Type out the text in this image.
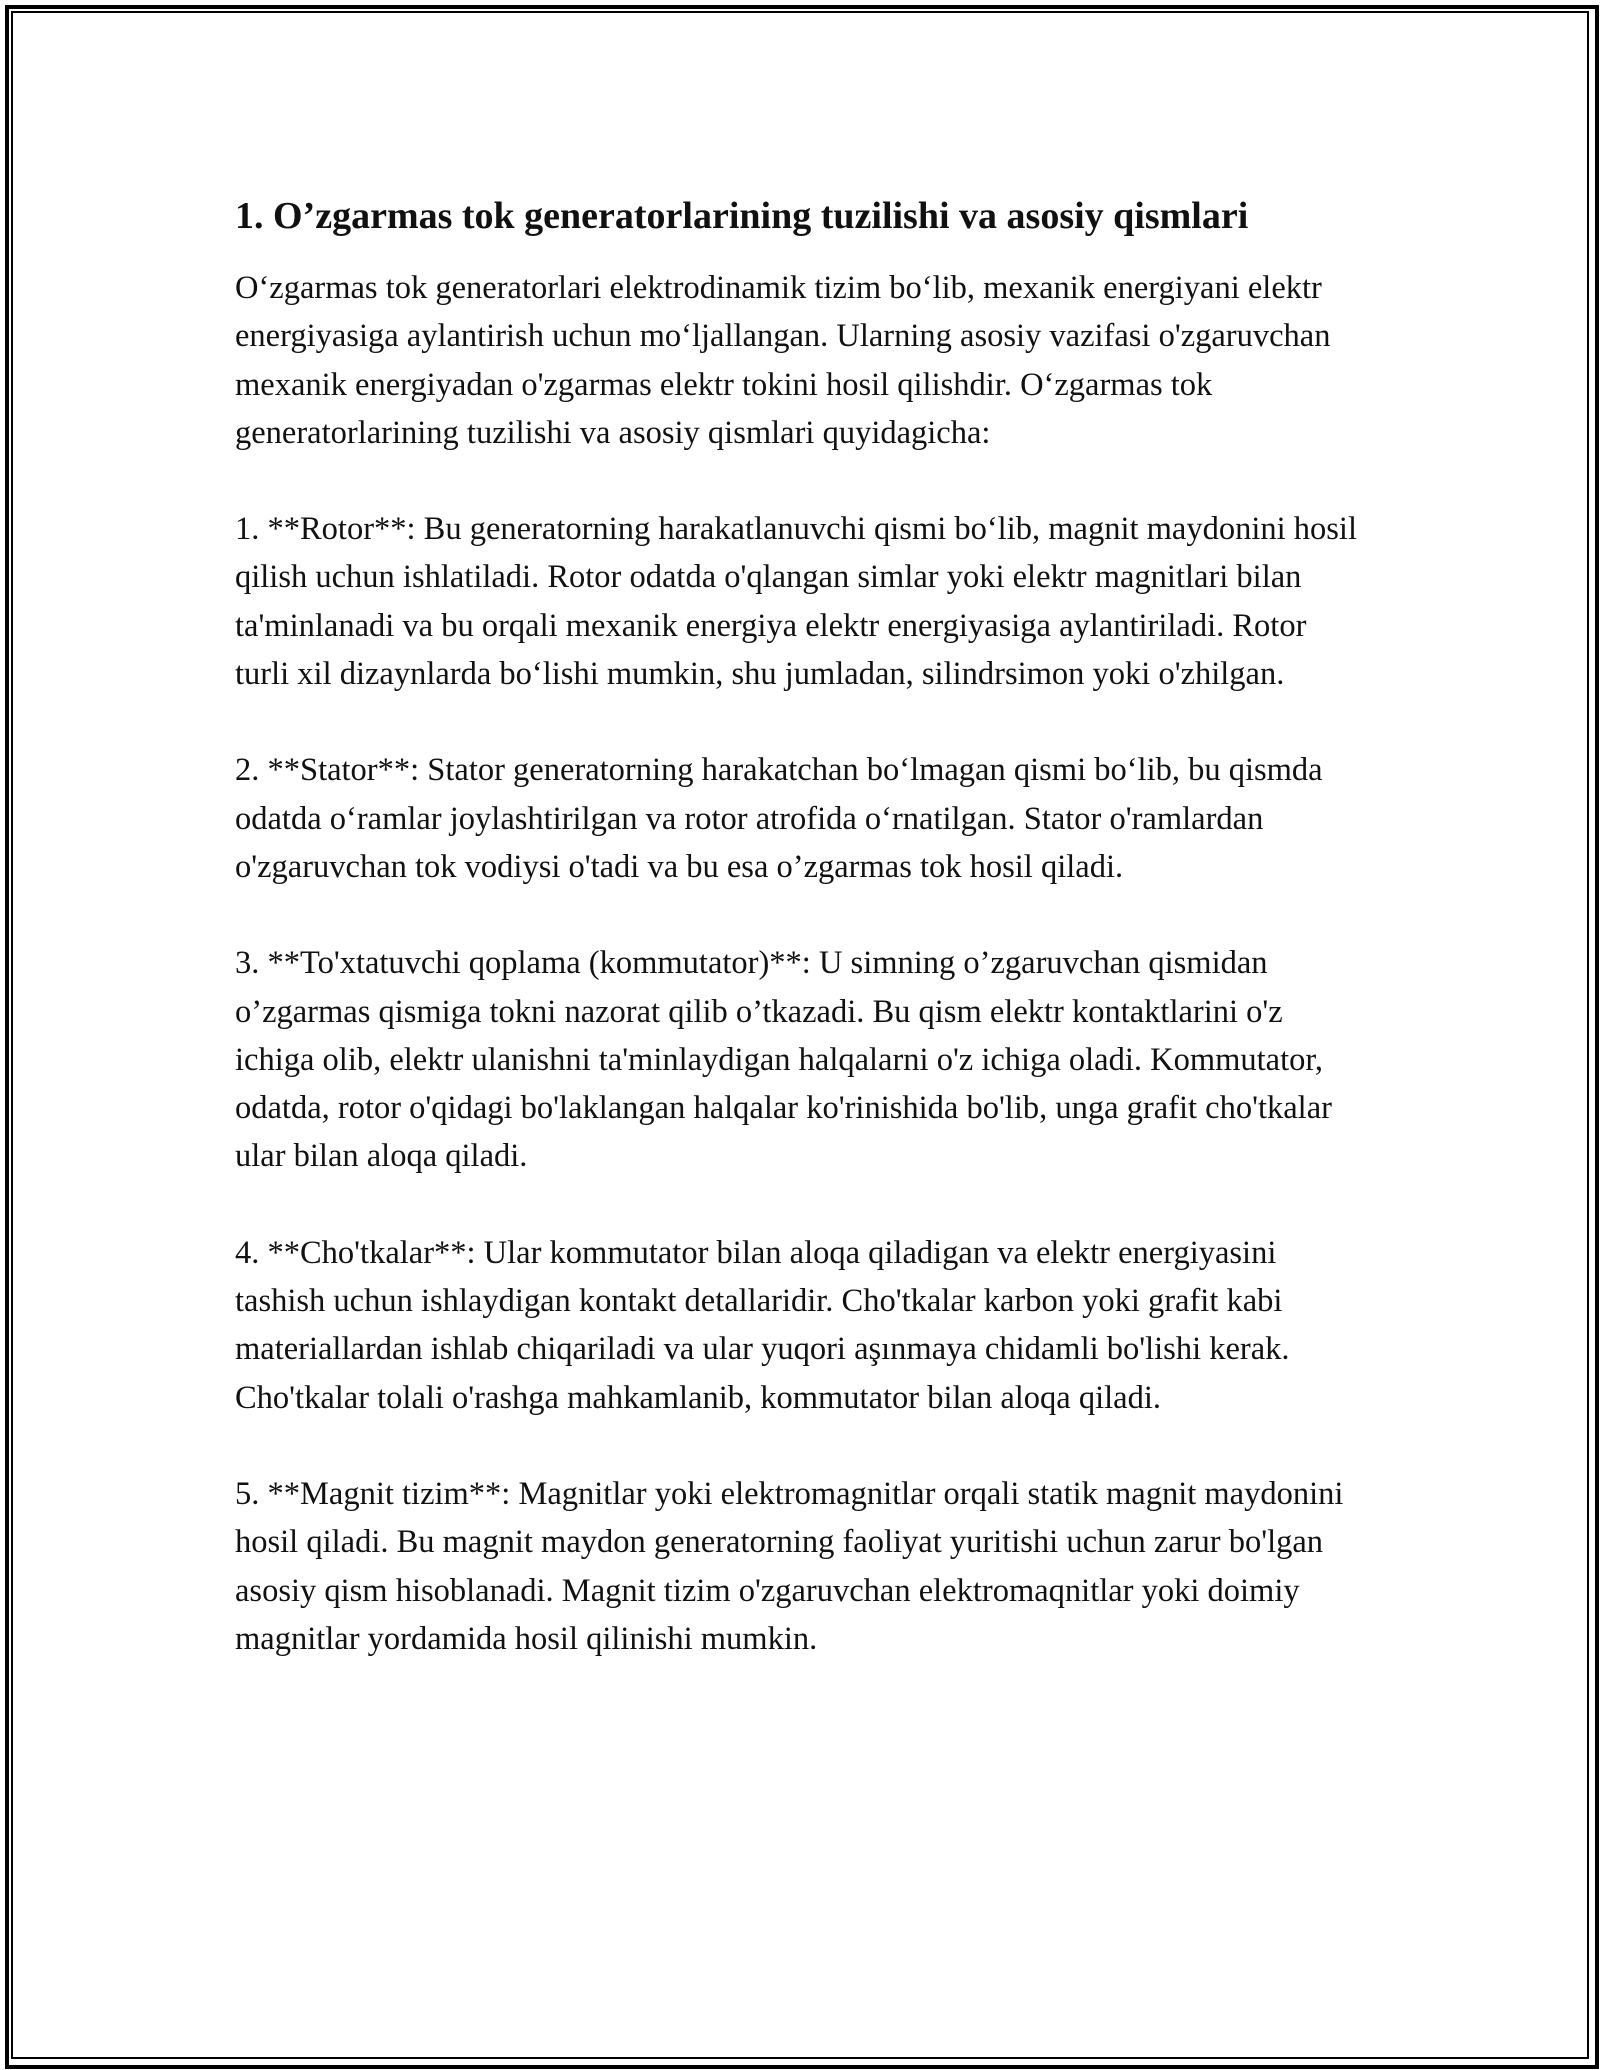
1. O’zgarmas tok generatorlarining tuzilishi va asosiy qismlari

O‘zgarmas tok generatorlari elektrodinamik tizim bo‘lib, mexanik energiyani elektr energiyasiga aylantirish uchun mo‘ljallangan. Ularning asosiy vazifasi o'zgaruvchan mexanik energiyadan o'zgarmas elektr tokini hosil qilishdir. O‘zgarmas tok generatorlarining tuzilishi va asosiy qismlari quyidagicha:

1. **Rotor**: Bu generatorning harakatlanuvchi qismi bo‘lib, magnit maydonini hosil qilish uchun ishlatiladi. Rotor odatda o'qlangan simlar yoki elektr magnitlari bilan ta'minlanadi va bu orqali mexanik energiya elektr energiyasiga aylantiriladi. Rotor turli xil dizaynlarda bo‘lishi mumkin, shu jumladan, silindrsimon yoki o'zhilgan.

2. **Stator**: Stator generatorning harakatchan bo‘lmagan qismi bo‘lib, bu qismda odatda o‘ramlar joylashtirilgan va rotor atrofida o‘rnatilgan. Stator o'ramlardan o'zgaruvchan tok vodiysi o'tadi va bu esa o’zgarmas tok hosil qiladi.

3. **To'xtatuvchi qoplama (kommutator)**: U simning o’zgaruvchan qismidan o’zgarmas qismiga tokni nazorat qilib o’tkazadi. Bu qism elektr kontaktlarini o'z ichiga olib, elektr ulanishni ta'minlaydigan halqalarni o'z ichiga oladi. Kommutator, odatda, rotor o'qidagi bo'laklangan halqalar ko'rinishida bo'lib, unga grafit cho'tkalar ular bilan aloqa qiladi.

4. **Cho'tkalar**: Ular kommutator bilan aloqa qiladigan va elektr energiyasini tashish uchun ishlaydigan kontakt detallaridir. Cho'tkalar karbon yoki grafit kabi materiallardan ishlab chiqariladi va ular yuqori aşınmaya chidamli bo'lishi kerak. Cho'tkalar tolali o'rashga mahkamlanib, kommutator bilan aloqa qiladi.

5. **Magnit tizim**: Magnitlar yoki elektromagnitlar orqali statik magnit maydonini hosil qiladi. Bu magnit maydon generatorning faoliyat yuritishi uchun zarur bo'lgan asosiy qism hisoblanadi. Magnit tizim o'zgaruvchan elektromaqnitlar yoki doimiy magnitlar yordamida hosil qilinishi mumkin.
